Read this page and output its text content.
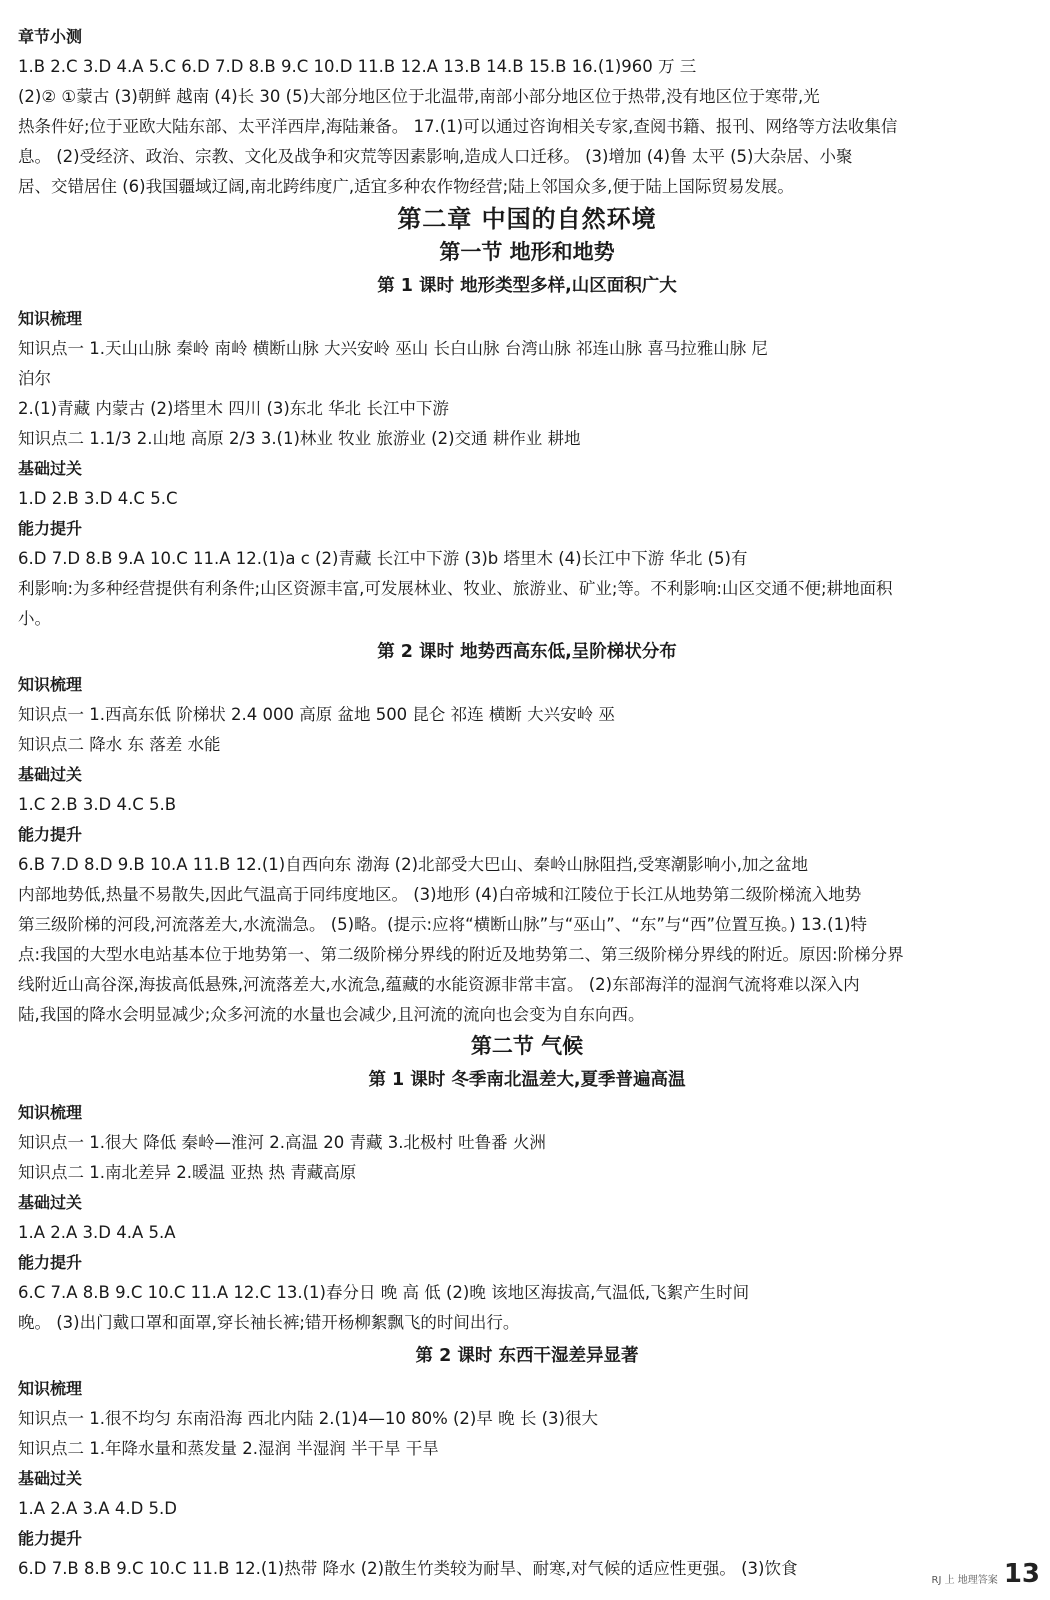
章节小测
1.B 2.C 3.D 4.A 5.C 6.D 7.D 8.B 9.C 10.D 11.B 12.A 13.B 14.B 15.B 16.(1)960 万 三
(2)② ①蒙古 (3)朝鲜 越南 (4)长 30 (5)大部分地区位于北温带,南部小部分地区位于热带,没有地区位于寒带,光
热条件好;位于亚欧大陆东部、太平洋西岸,海陆兼备。 17.(1)可以通过咨询相关专家,查阅书籍、报刊、网络等方法收集信
息。 (2)受经济、政治、宗教、文化及战争和灾荒等因素影响,造成人口迁移。 (3)增加 (4)鲁 太平 (5)大杂居、小聚
居、交错居住 (6)我国疆域辽阔,南北跨纬度广,适宜多种农作物经营;陆上邻国众多,便于陆上国际贸易发展。
第二章 中国的自然环境
第一节 地形和地势
第 1 课时 地形类型多样,山区面积广大
知识梳理
知识点一 1.天山山脉 秦岭 南岭 横断山脉 大兴安岭 巫山 长白山脉 台湾山脉 祁连山脉 喜马拉雅山脉 尼
泊尔
2.(1)青藏 内蒙古 (2)塔里木 四川 (3)东北 华北 长江中下游
知识点二 1.1/3 2.山地 高原 2/3 3.(1)林业 牧业 旅游业 (2)交通 耕作业 耕地
基础过关
1.D 2.B 3.D 4.C 5.C
能力提升
6.D 7.D 8.B 9.A 10.C 11.A 12.(1)a c (2)青藏 长江中下游 (3)b 塔里木 (4)长江中下游 华北 (5)有
利影响:为多种经营提供有利条件;山区资源丰富,可发展林业、牧业、旅游业、矿业;等。不利影响:山区交通不便;耕地面积
小。
第 2 课时 地势西高东低,呈阶梯状分布
知识梳理
知识点一 1.西高东低 阶梯状 2.4 000 高原 盆地 500 昆仑 祁连 横断 大兴安岭 巫
知识点二 降水 东 落差 水能
基础过关
1.C 2.B 3.D 4.C 5.B
能力提升
6.B 7.D 8.D 9.B 10.A 11.B 12.(1)自西向东 渤海 (2)北部受大巴山、秦岭山脉阻挡,受寒潮影响小,加之盆地
内部地势低,热量不易散失,因此气温高于同纬度地区。 (3)地形 (4)白帝城和江陵位于长江从地势第二级阶梯流入地势
第三级阶梯的河段,河流落差大,水流湍急。 (5)略。(提示:应将“横断山脉”与“巫山”、“东”与“西”位置互换。) 13.(1)特
点:我国的大型水电站基本位于地势第一、第二级阶梯分界线的附近及地势第二、第三级阶梯分界线的附近。原因:阶梯分界
线附近山高谷深,海拔高低悬殊,河流落差大,水流急,蕴藏的水能资源非常丰富。 (2)东部海洋的湿润气流将难以深入内
陆,我国的降水会明显减少;众多河流的水量也会减少,且河流的流向也会变为自东向西。
第二节 气候
第 1 课时 冬季南北温差大,夏季普遍高温
知识梳理
知识点一 1.很大 降低 秦岭—淮河 2.高温 20 青藏 3.北极村 吐鲁番 火洲
知识点二 1.南北差异 2.暖温 亚热 热 青藏高原
基础过关
1.A 2.A 3.D 4.A 5.A
能力提升
6.C 7.A 8.B 9.C 10.C 11.A 12.C 13.(1)春分日 晚 高 低 (2)晚 该地区海拔高,气温低,飞絮产生时间
晚。 (3)出门戴口罩和面罩,穿长袖长裤;错开杨柳絮飘飞的时间出行。
第 2 课时 东西干湿差异显著
知识梳理
知识点一 1.很不均匀 东南沿海 西北内陆 2.(1)4—10 80% (2)早 晚 长 (3)很大
知识点二 1.年降水量和蒸发量 2.湿润 半湿润 半干旱 干旱
基础过关
1.A 2.A 3.A 4.D 5.D
能力提升
6.D 7.B 8.B 9.C 10.C 11.B 12.(1)热带 降水 (2)散生竹类较为耐旱、耐寒,对气候的适应性更强。 (3)饮食
RJ 上 地理答案 13
